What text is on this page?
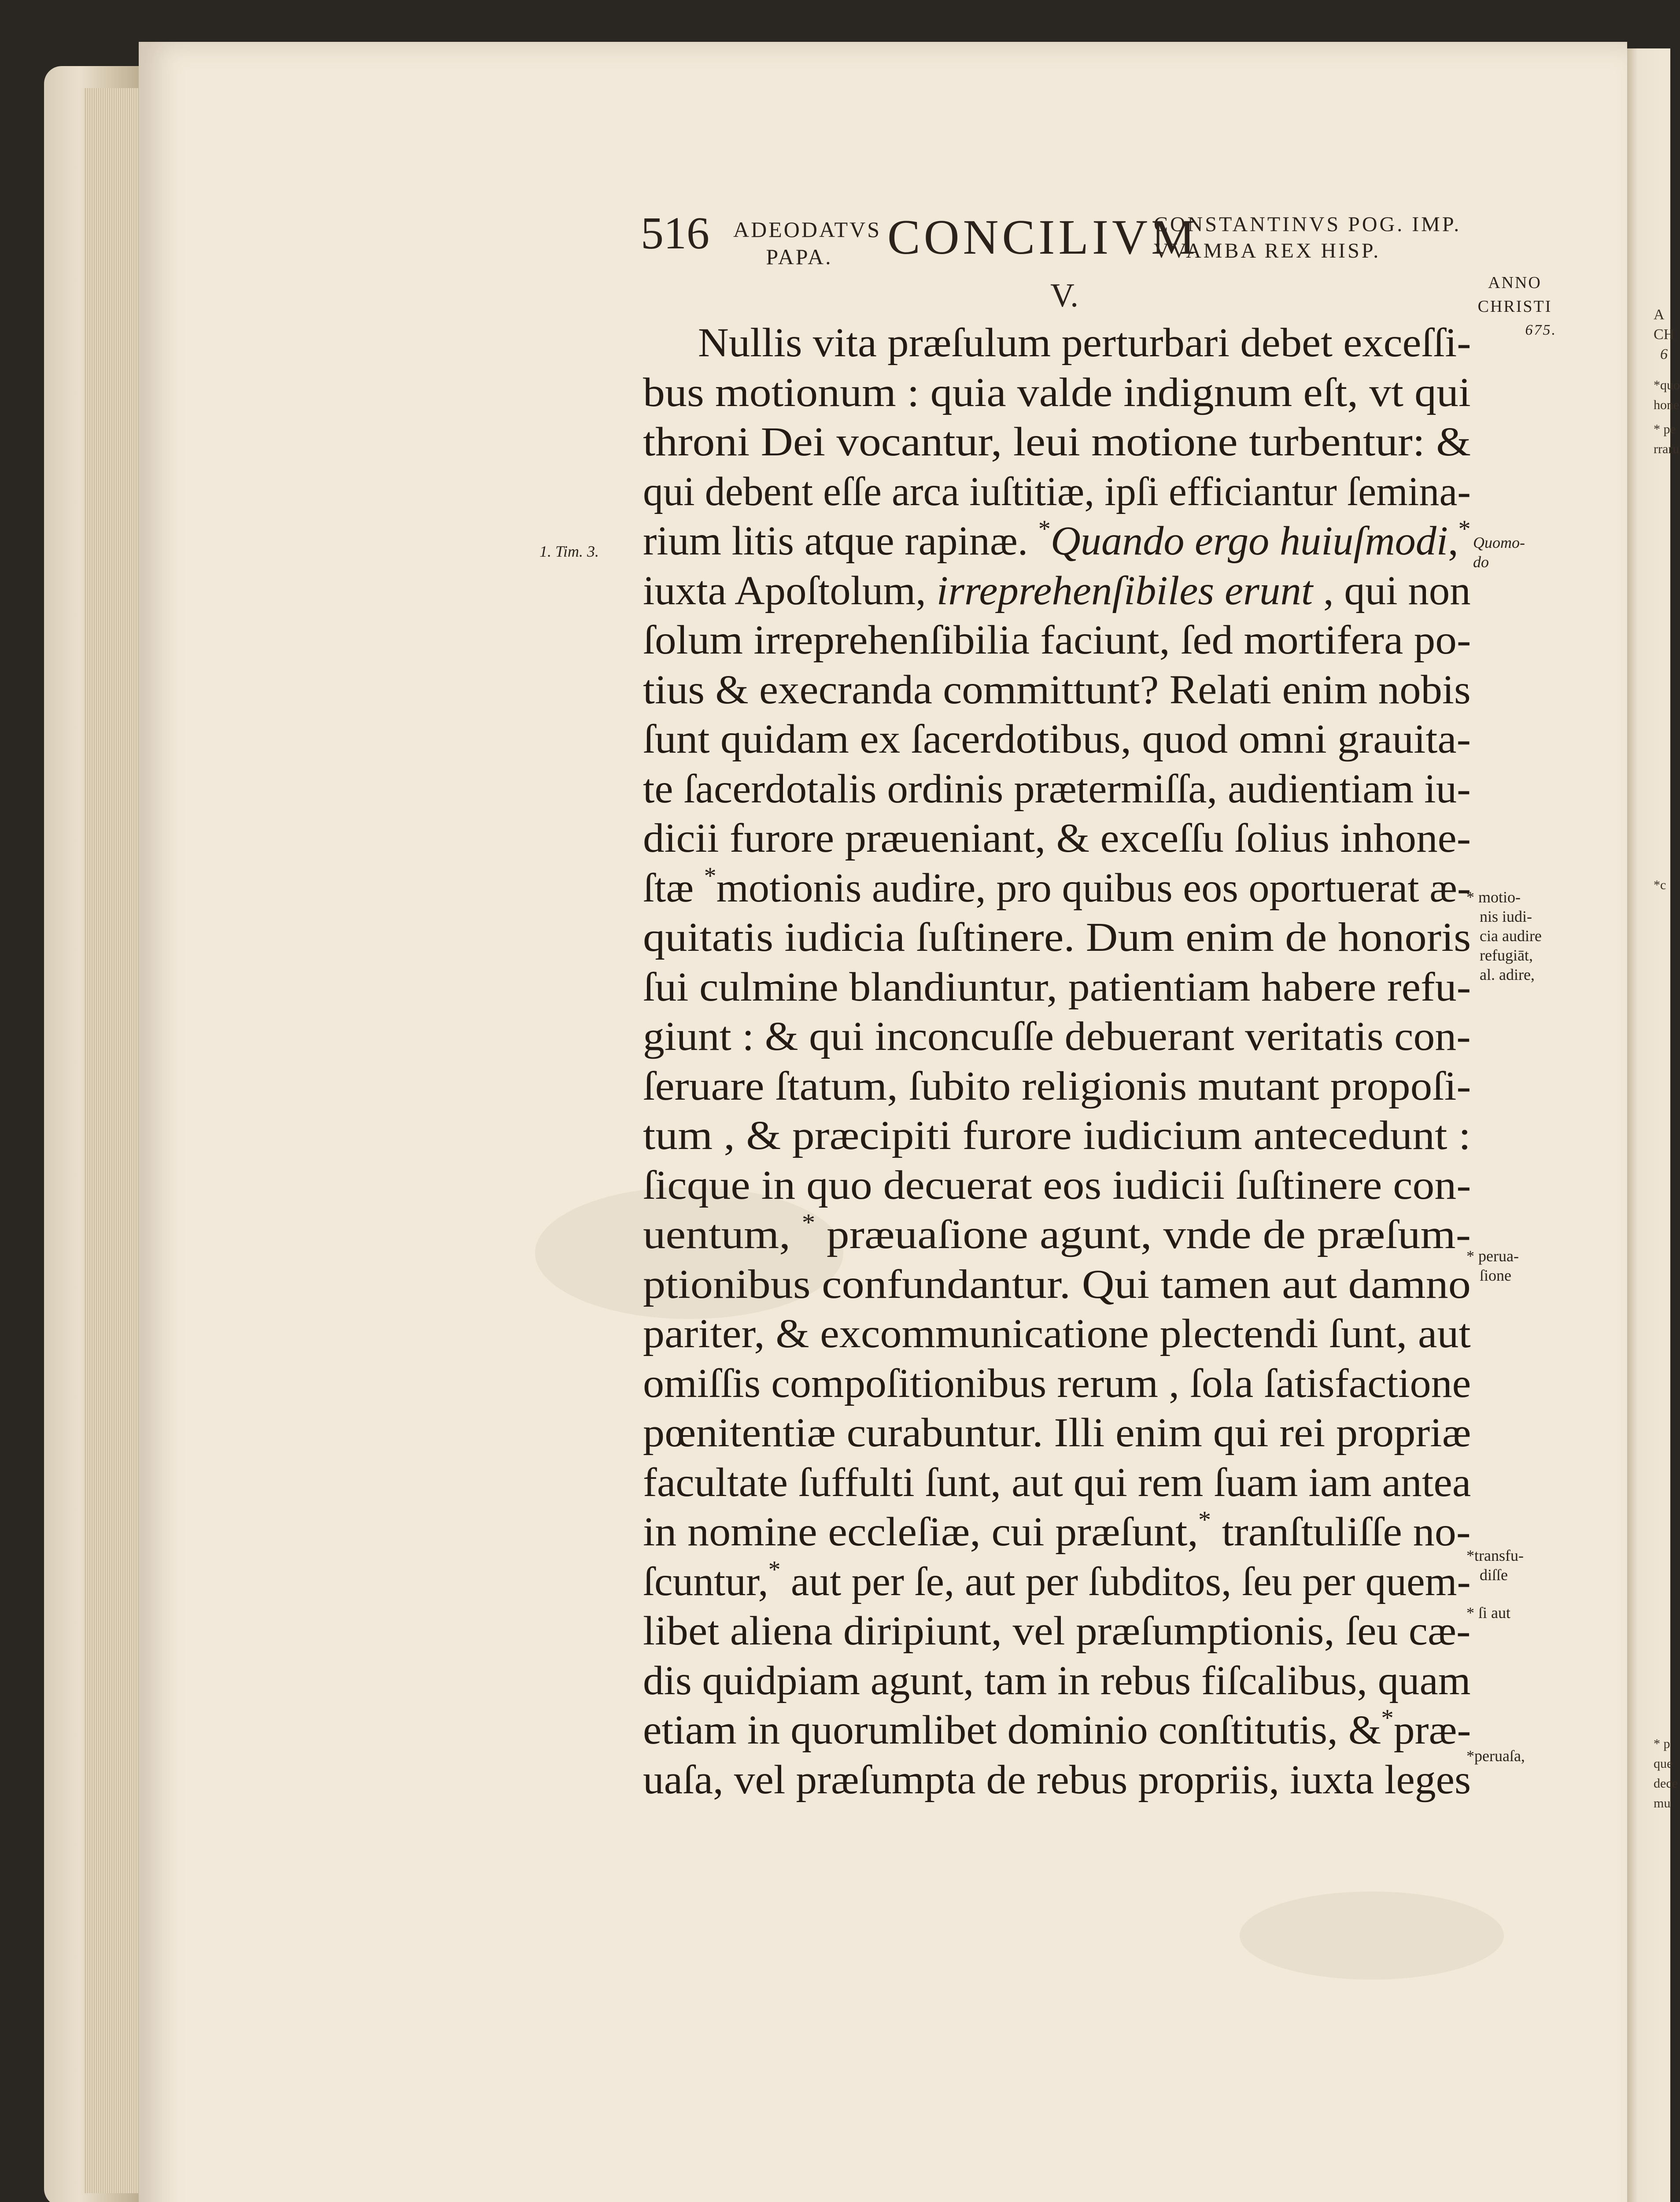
A
CH
6
*quo
hone
* pe
rraru
*c
* p
que
dece
mu
516 ADEODATVS
PAPA.	CONCILIVM
CONSTANTINVS POG. IMP.
VVAMBA REX HISP.
ANNO
CHRISTI
675.
V.
Nullis vita præſulum perturbari debet exceſſi-
bus motionum : quia valde indignum eſt, vt qui
throni Dei vocantur, leui motione turbentur: &
qui debent eſſe arca iuſtitiæ, ipſi efficiantur ſemina-
rium litis atque rapinæ. *Quando ergo huiuſmodi,*
iuxta Apoſtolum, irreprehenſibiles erunt , qui non
ſolum irreprehenſibilia faciunt, ſed mortifera po-
tius & execranda committunt? Relati enim nobis
ſunt quidam ex ſacerdotibus, quod omni grauita-
te ſacerdotalis ordinis prætermiſſa, audientiam iu-
dicii furore præueniant, & exceſſu ſolius inhone-
ſtæ *motionis audire, pro quibus eos oportuerat æ-
quitatis iudicia ſuſtinere. Dum enim de honoris
ſui culmine blandiuntur, patientiam habere refu-
giunt : & qui inconcuſſe debuerant veritatis con-
ſeruare ſtatum, ſubito religionis mutant propoſi-
tum , & præcipiti furore iudicium antecedunt :
ſicque in quo decuerat eos iudicii ſuſtinere con-
uentum, * præuaſione agunt, vnde de præſum-
ptionibus confundantur. Qui tamen aut damno
pariter, & excommunicatione plectendi ſunt, aut
omiſſis compoſitionibus rerum , ſola ſatisfactione
pœnitentiæ curabuntur. Illi enim qui rei propriæ
facultate ſuffulti ſunt, aut qui rem ſuam iam antea
in nomine eccleſiæ, cui præſunt,* tranſtuliſſe no-
ſcuntur,* aut per ſe, aut per ſubditos, ſeu per quem-
libet aliena diripiunt, vel præſumptionis, ſeu cæ-
dis quidpiam agunt, tam in rebus fiſcalibus, quam
etiam in quorumlibet dominio conſtitutis, &*præ-
uaſa, vel præſumpta de rebus propriis, iuxta leges
1. Tim. 3.	Quomo-
do
* motio-
nis iudi-
cia audire
refugiāt,
al. adire,
* perua-
ſione
*transfu-
diſſe
* ſi aut
*peruaſa,
